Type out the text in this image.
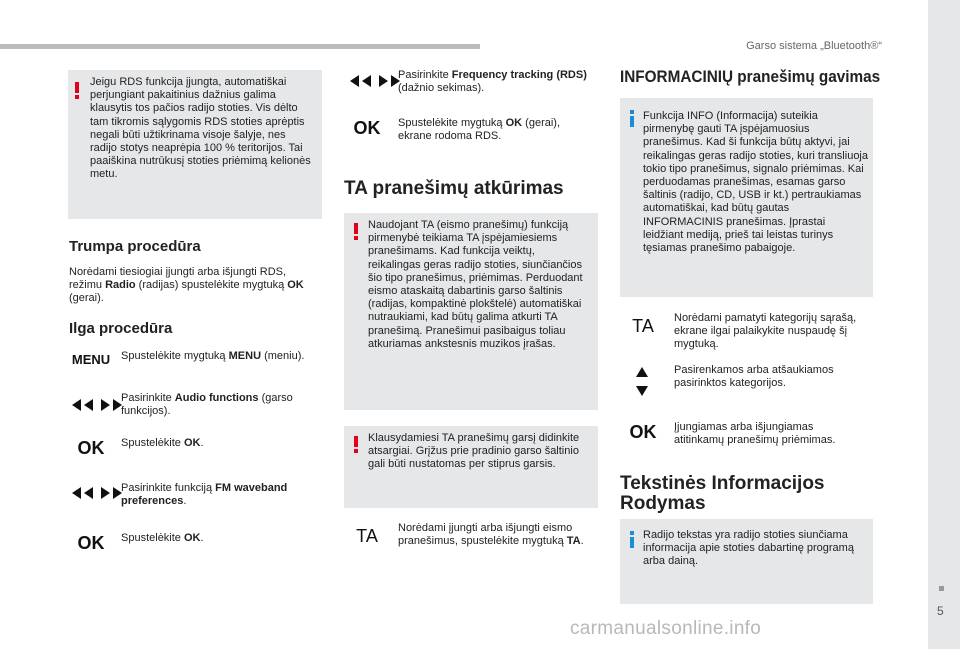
Garso sistema „Bluetooth®“
5
carmanualsonline.info

Jeigu RDS funkcija įjungta, automatiškai perjungiant pakaitinius dažnius galima klausytis tos pačios radijo stoties. Vis dėlto tam tikromis sąlygomis RDS stoties aprėptis negali būti užtikrinama visoje šalyje, nes radijo stotys neaprėpia 100 % teritorijos. Tai paaiškina nutrūkusį stoties priėmimą kelionės metu.

Trumpa procedūra

Norėdami tiesiogiai įjungti arba išjungti RDS, režimu Radio (radijas) spustelėkite mygtuką OK (gerai).

Ilga procedūra
MENU Spustelėkite mygtuką MENU (meniu).

Pasirinkite Audio functions (garso funkcijos).

OK	Spustelėkite OK.

Pasirinkite funkciją FM waveband preferences.

OK	Spustelėkite OK.

Pasirinkite Frequency tracking (RDS) (dažnio sekimas).

OK	Spustelėkite mygtuką OK (gerai), ekrane rodoma RDS.

TA pranešimų atkūrimas

Naudojant TA (eismo pranešimų) funkciją pirmenybė teikiama TA įspėjamiesiems pranešimams. Kad funkcija veiktų, reikalingas geras radijo stoties, siunčiančios šio tipo pranešimus, priėmimas. Perduodant eismo ataskaitą dabartinis garso šaltinis (radijas, kompaktinė plokštelė) automatiškai nutraukiami, kad būtų galima atkurti TA pranešimą. Pranešimui pasibaigus toliau atkuriamas ankstesnis muzikos įrašas.

Klausydamiesi TA pranešimų garsį didinkite atsargiai. Grįžus prie pradinio garso šaltinio gali būti nustatomas per stiprus garsis.

TA	Norėdami įjungti arba išjungti eismo pranešimus, spustelėkite mygtuką TA.

INFORMACINIŲ pranešimų gavimas

Funkcija INFO (Informacija) suteikia pirmenybę gauti TA įspėjamuosius pranešimus. Kad ši funkcija būtų aktyvi, jai reikalingas geras radijo stoties, kuri transliuoja tokio tipo pranešimus, signalo priėmimas. Kai perduodamas pranešimas, esamas garso šaltinis (radijo, CD, USB ir kt.) pertraukiamas automatiškai, kad būtų gautas INFORMACINIS pranešimas. Įprastai leidžiant mediją, prieš tai leistas turinys tęsiamas pranešimo pabaigoje.

TA	Norėdami pamatyti kategorijų sąrašą, ekrane ilgai palaikykite nuspaudę šį mygtuką.

Pasirenkamos arba atšaukiamos pasirinktos kategorijos.

OK	Įjungiamas arba išjungiamas atitinkamų pranešimų priėmimas.

Tekstinės Informacijos
Rodymas

Radijo tekstas yra radijo stoties siunčiama informacija apie stoties dabartinę programą arba dainą.
